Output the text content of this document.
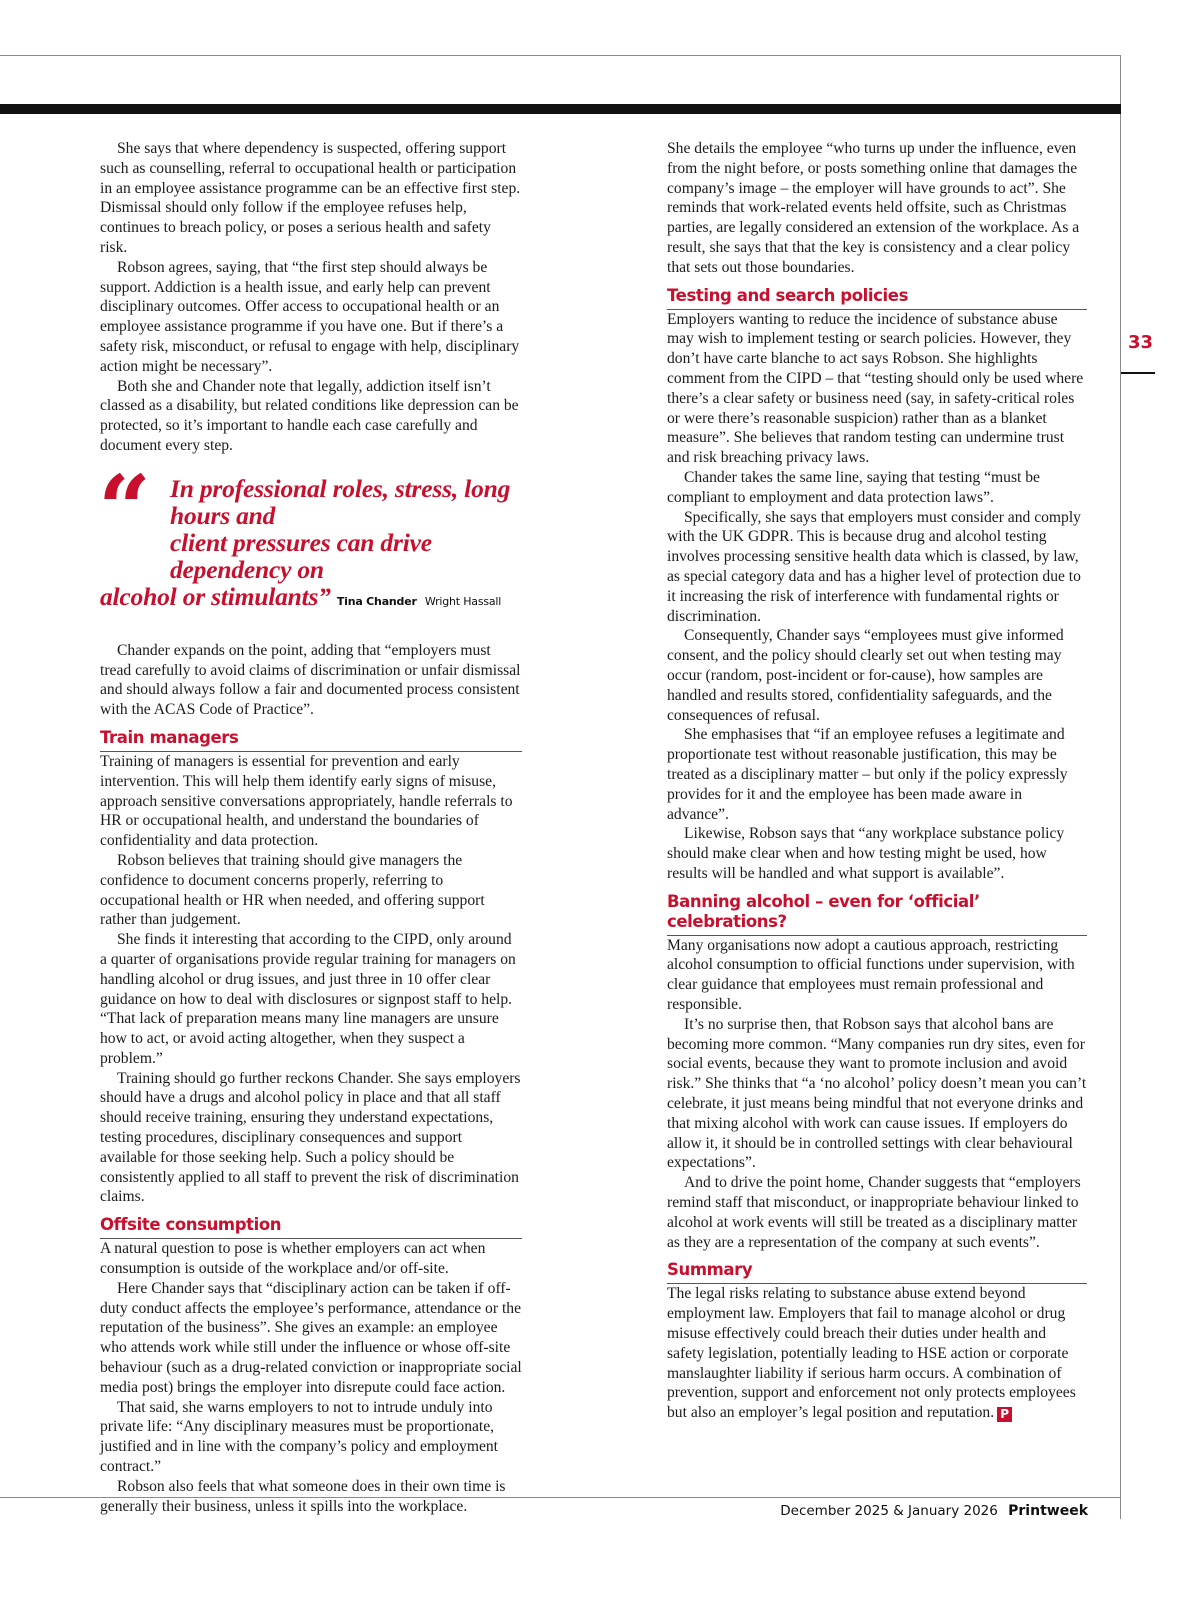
33

She says that where dependency is suspected, offering support such as counselling, referral to occupational health or participation in an employee assistance programme can be an effective first step. Dismissal should only follow if the employee refuses help, continues to breach policy, or poses a serious health and safety risk.

Robson agrees, saying, that “the first step should always be support. Addiction is a health issue, and early help can prevent disciplinary outcomes. Offer access to occupational health or an employee assistance programme if you have one. But if there’s a safety risk, misconduct, or refusal to engage with help, disciplinary action might be necessary”.

Both she and Chander note that legally, addiction itself isn’t classed as a disability, but related conditions like depression can be protected, so it’s important to handle each case carefully and document every step.

“ In professional roles, stress, long hours and
client pressures can drive dependency on
alcohol or stimulants” Tina Chander Wright Hassall

Chander expands on the point, adding that “employers must tread carefully to avoid claims of discrimination or unfair dismissal and should always follow a fair and documented process consistent with the ACAS Code of Practice”.

Train managers

Training of managers is essential for prevention and early intervention. This will help them identify early signs of misuse, approach sensitive conversations appropriately, handle referrals to HR or occupational health, and understand the boundaries of confidentiality and data protection.

Robson believes that training should give managers the confidence to document concerns properly, referring to occupational health or HR when needed, and offering support rather than judgement.

She finds it interesting that according to the CIPD, only around a quarter of organisations provide regular training for managers on handling alcohol or drug issues, and just three in 10 offer clear guidance on how to deal with disclosures or signpost staff to help. “That lack of preparation means many line managers are unsure how to act, or avoid acting altogether, when they suspect a problem.”

Training should go further reckons Chander. She says employers should have a drugs and alcohol policy in place and that all staff should receive training, ensuring they understand expectations, testing procedures, disciplinary consequences and support available for those seeking help. Such a policy should be consistently applied to all staff to prevent the risk of discrimination claims.

Offsite consumption

A natural question to pose is whether employers can act when consumption is outside of the workplace and/or off-site.

Here Chander says that “disciplinary action can be taken if off-duty conduct affects the employee’s performance, attendance or the reputation of the business”. She gives an example: an employee who attends work while still under the influence or whose off-site behaviour (such as a drug-related conviction or inappropriate social media post) brings the employer into disrepute could face action.

That said, she warns employers to not to intrude unduly into private life: “Any disciplinary measures must be proportionate, justified and in line with the company’s policy and employment contract.”

Robson also feels that what someone does in their own time is generally their business, unless it spills into the workplace.

She details the employee “who turns up under the influence, even from the night before, or posts something online that damages the company’s image – the employer will have grounds to act”. She reminds that work-related events held offsite, such as Christmas parties, are legally considered an extension of the workplace. As a result, she says that that the key is consistency and a clear policy that sets out those boundaries.

Testing and search policies

Employers wanting to reduce the incidence of substance abuse may wish to implement testing or search policies. However, they don’t have carte blanche to act says Robson. She highlights comment from the CIPD – that “testing should only be used where there’s a clear safety or business need (say, in safety-critical roles or were there’s reasonable suspicion) rather than as a blanket measure”. She believes that random testing can undermine trust and risk breaching privacy laws.

Chander takes the same line, saying that testing “must be compliant to employment and data protection laws”.

Specifically, she says that employers must consider and comply with the UK GDPR. This is because drug and alcohol testing involves processing sensitive health data which is classed, by law, as special category data and has a higher level of protection due to it increasing the risk of interference with fundamental rights or discrimination.

Consequently, Chander says “employees must give informed consent, and the policy should clearly set out when testing may occur (random, post-incident or for-cause), how samples are handled and results stored, confidentiality safeguards, and the consequences of refusal.

She emphasises that “if an employee refuses a legitimate and proportionate test without reasonable justification, this may be treated as a disciplinary matter – but only if the policy expressly provides for it and the employee has been made aware in advance”.

Likewise, Robson says that “any workplace substance policy should make clear when and how testing might be used, how results will be handled and what support is available”.

Banning alcohol – even for ‘official’ celebrations?

Many organisations now adopt a cautious approach, restricting alcohol consumption to official functions under supervision, with clear guidance that employees must remain professional and responsible.

It’s no surprise then, that Robson says that alcohol bans are becoming more common. “Many companies run dry sites, even for social events, because they want to promote inclusion and avoid risk.” She thinks that “a ‘no alcohol’ policy doesn’t mean you can’t celebrate, it just means being mindful that not everyone drinks and that mixing alcohol with work can cause issues. If employers do allow it, it should be in controlled settings with clear behavioural expectations”.

And to drive the point home, Chander suggests that “employers remind staff that misconduct, or inappropriate behaviour linked to alcohol at work events will still be treated as a disciplinary matter as they are a representation of the company at such events”.

Summary

The legal risks relating to substance abuse extend beyond employment law. Employers that fail to manage alcohol or drug misuse effectively could breach their duties under health and safety legislation, potentially leading to HSE action or corporate manslaughter liability if serious harm occurs. A combination of prevention, support and enforcement not only protects employees but also an employer’s legal position and reputation. P

December 2025 & January 2026 Printweek
